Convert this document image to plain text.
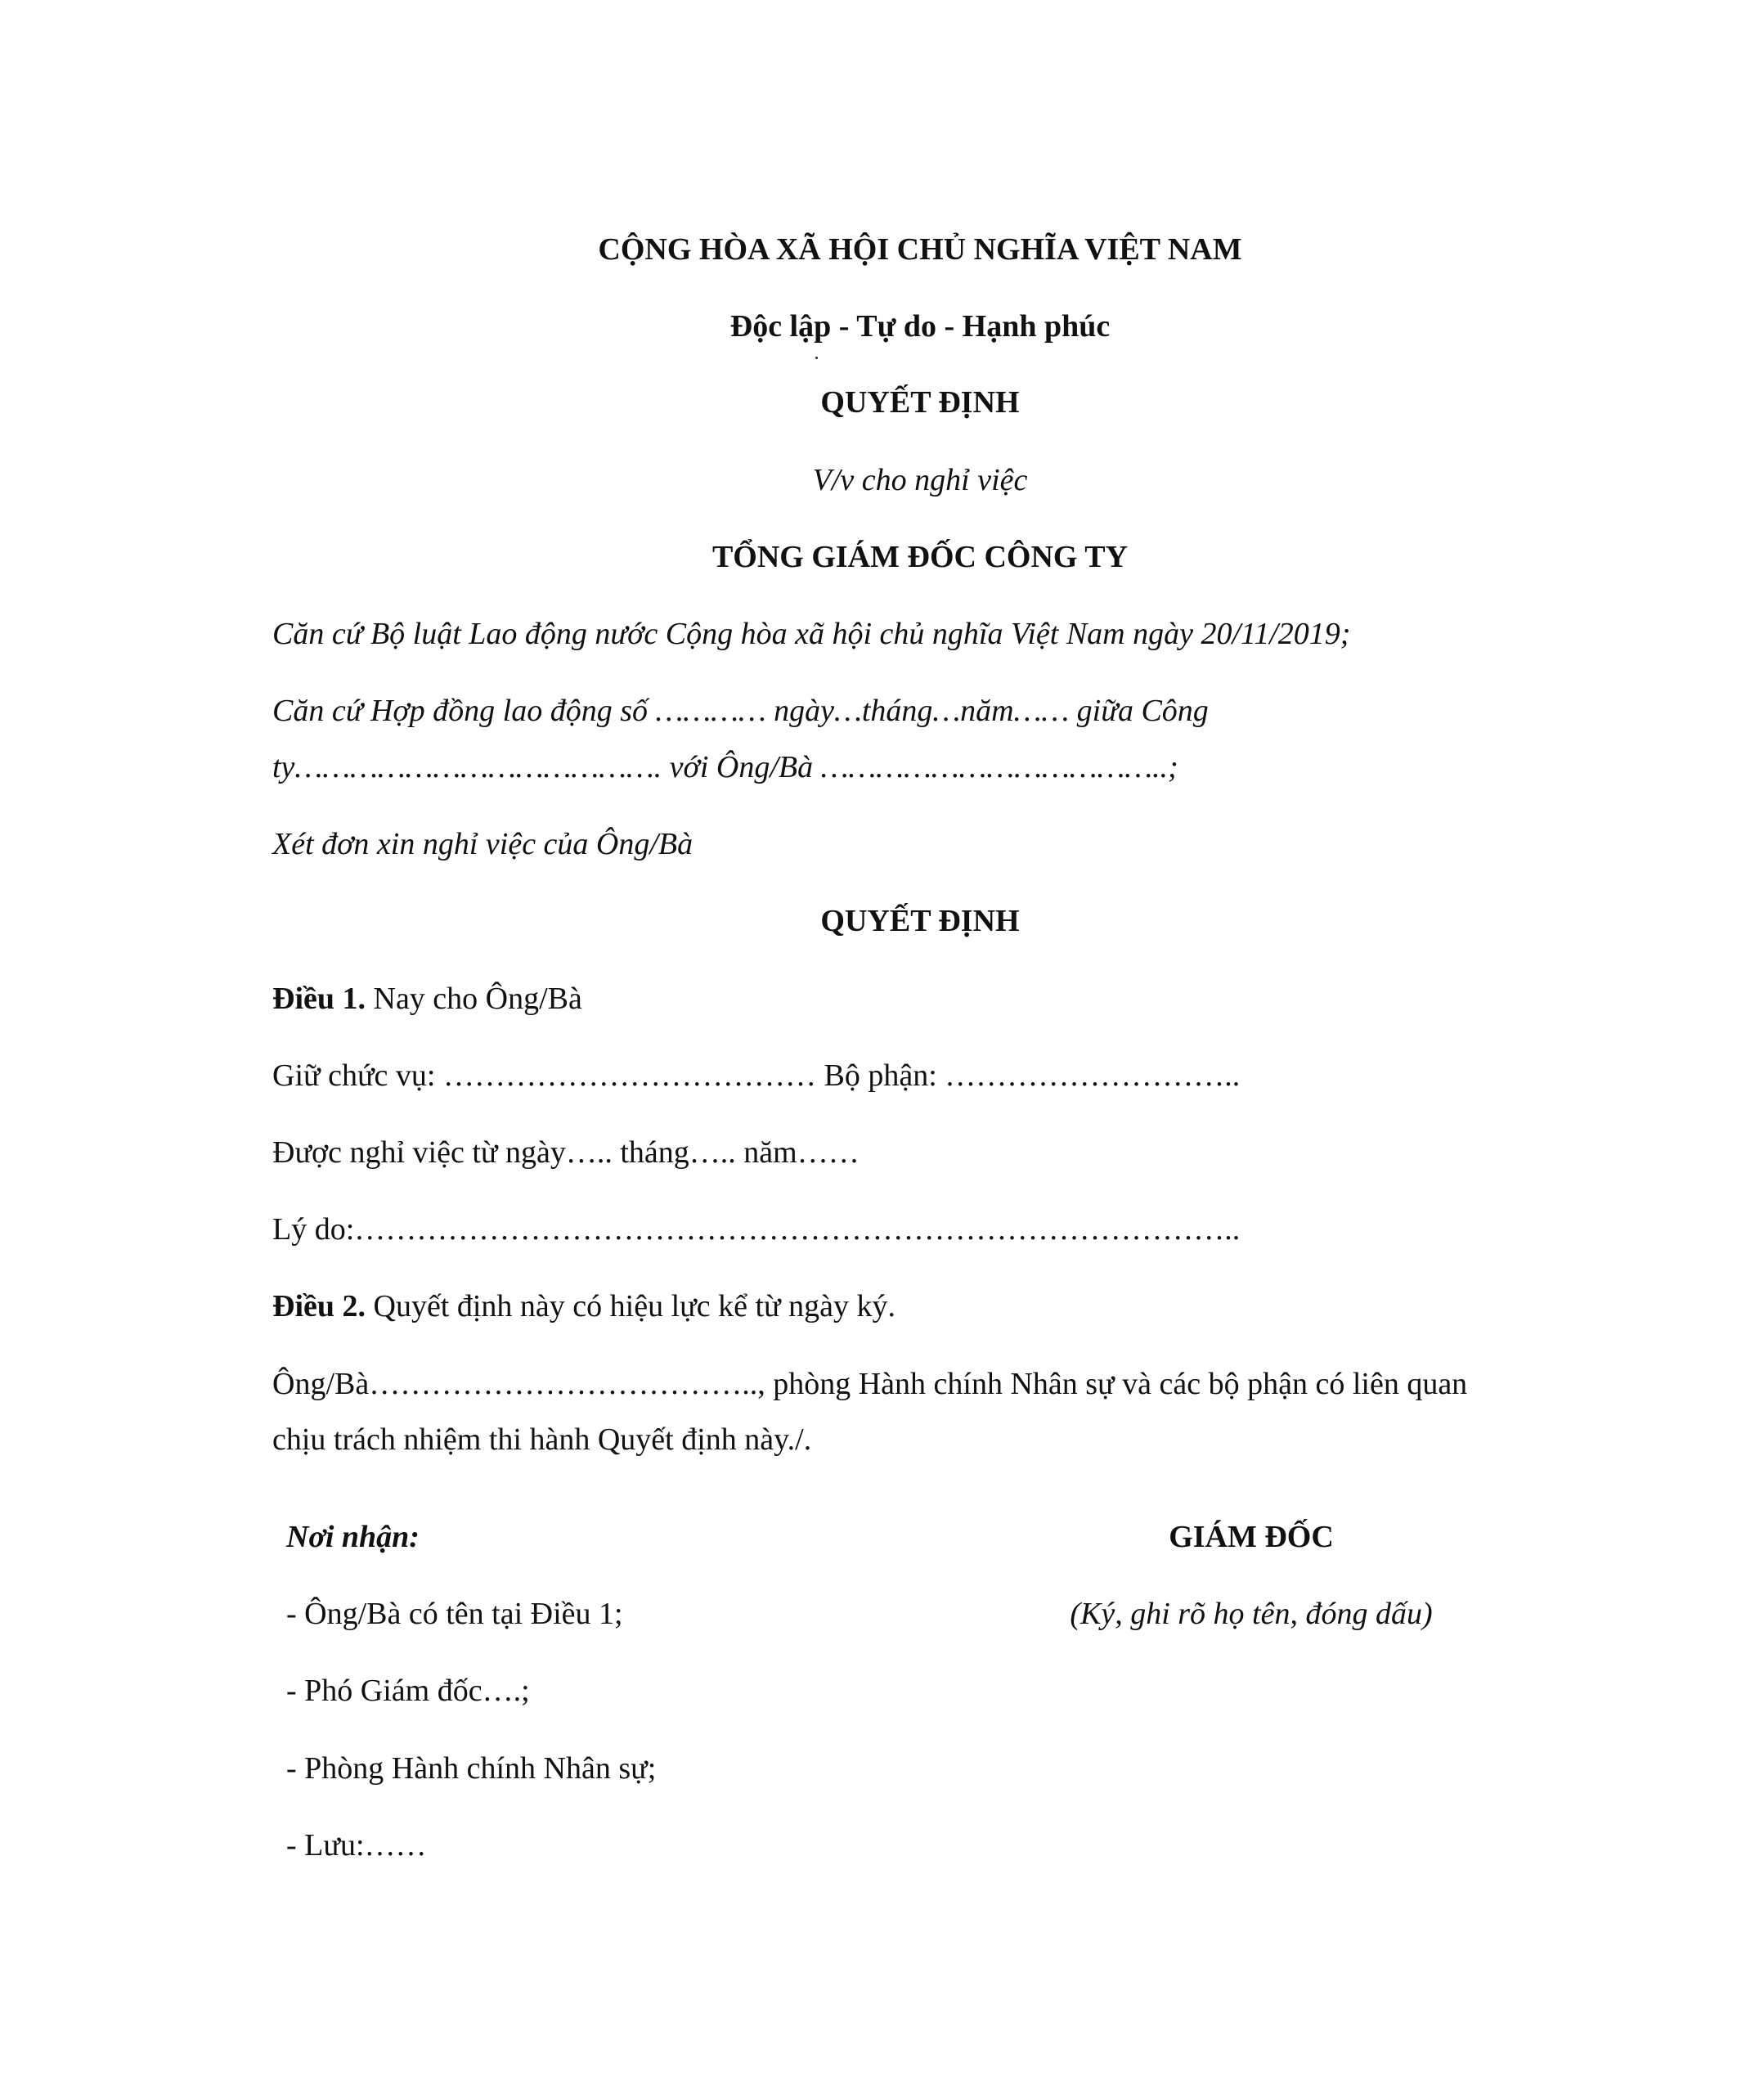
CỘNG HÒA XÃ HỘI CHỦ NGHĨA VIỆT NAM
Độc lập - Tự do - Hạnh phúc
QUYẾT ĐỊNH
V/v cho nghỉ việc
TỔNG GIÁM ĐỐC CÔNG TY
Căn cứ Bộ luật Lao động nước Cộng hòa xã hội chủ nghĩa Việt Nam ngày 20/11/2019;
Căn cứ Hợp đồng lao động số ………… ngày…tháng…năm…… giữa Công
ty…………………………………. với Ông/Bà ………………………………..;
Xét đơn xin nghỉ việc của Ông/Bà
QUYẾT ĐỊNH
Điều 1. Nay cho Ông/Bà
Giữ chức vụ: ……………………………… Bộ phận: ………………………..
Được nghỉ việc từ ngày….. tháng….. năm……
Lý do:…………………………………………………………………………..
Điều 2. Quyết định này có hiệu lực kể từ ngày ký.
Ông/Bà……………………………….., phòng Hành chính Nhân sự và các bộ phận có liên quan
chịu trách nhiệm thi hành Quyết định này./.
Nơi nhận:
- Ông/Bà có tên tại Điều 1;
- Phó Giám đốc….;
- Phòng Hành chính Nhân sự;
- Lưu:……
GIÁM ĐỐC
(Ký, ghi rõ họ tên, đóng dấu)
